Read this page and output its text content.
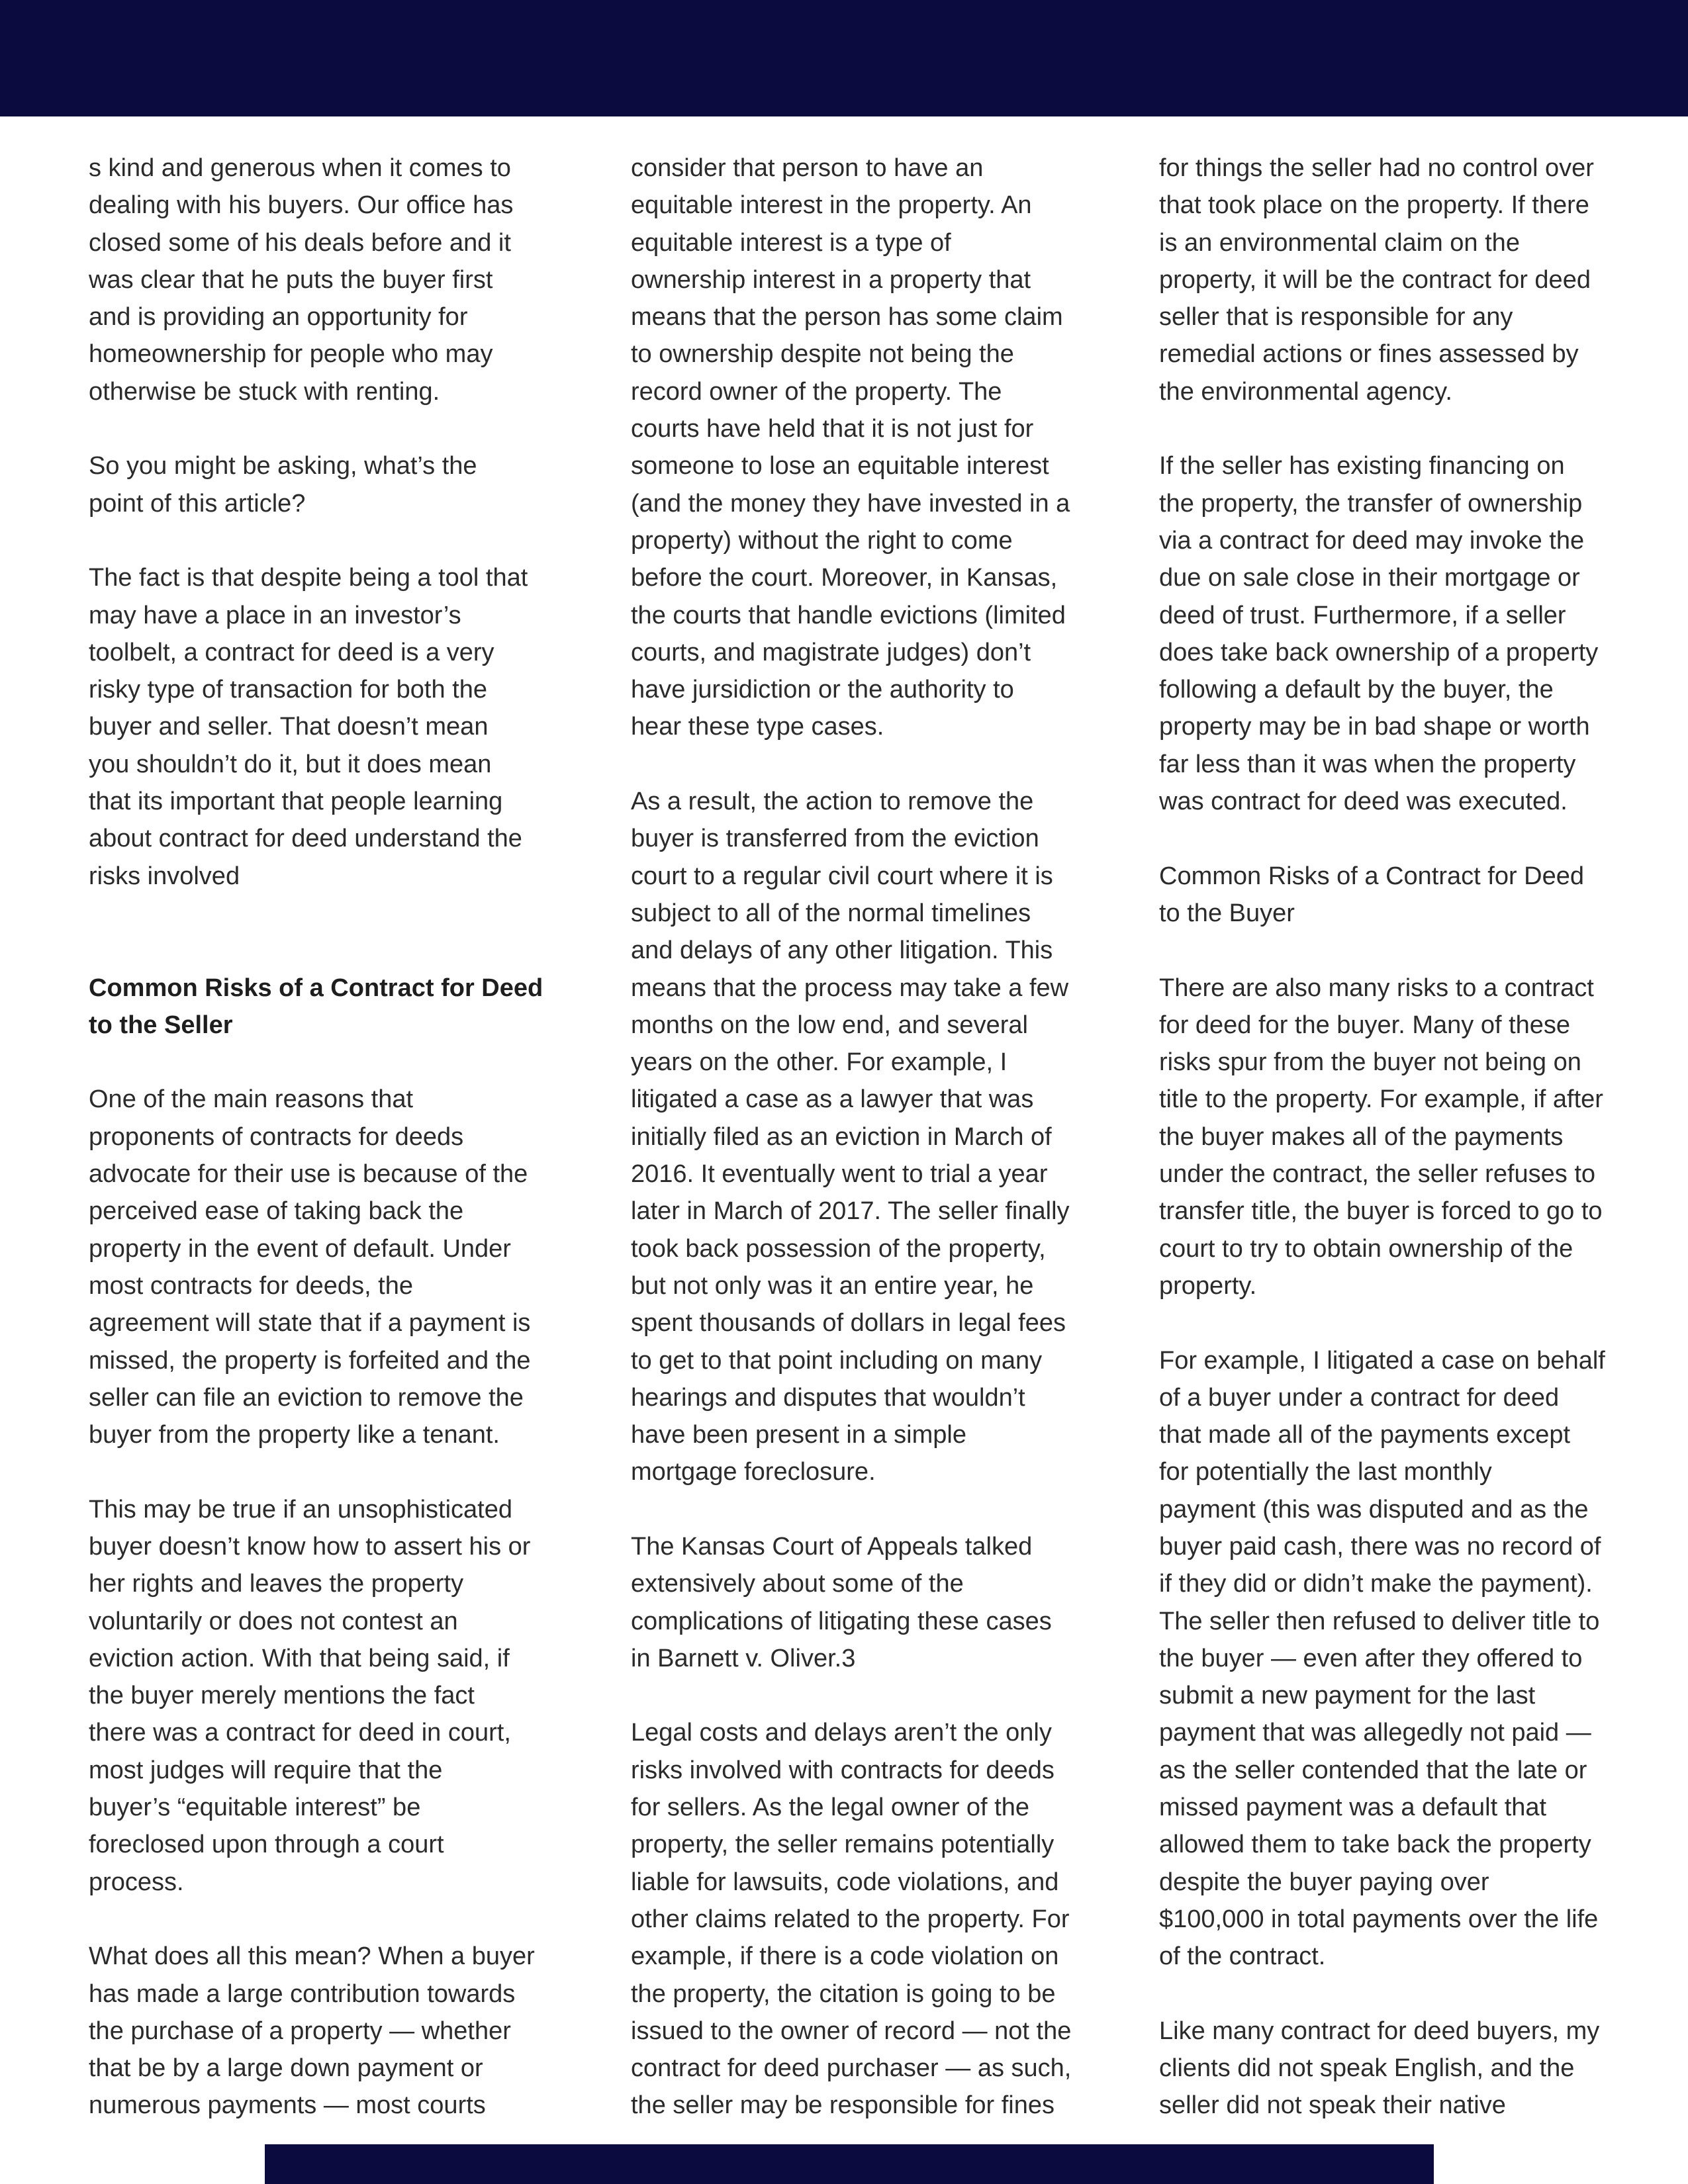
s kind and generous when it comes to
dealing with his buyers. Our office has
closed some of his deals before and it
was clear that he puts the buyer first
and is providing an opportunity for
homeownership for people who may
otherwise be stuck with renting.

So you might be asking, what’s the
point of this article?

The fact is that despite being a tool that
may have a place in an investor’s
toolbelt, a contract for deed is a very
risky type of transaction for both the
buyer and seller. That doesn’t mean
you shouldn’t do it, but it does mean
that its important that people learning
about contract for deed understand the
risks involved

Common Risks of a Contract for Deed
to the Seller

One of the main reasons that
proponents of contracts for deeds
advocate for their use is because of the
perceived ease of taking back the
property in the event of default. Under
most contracts for deeds, the
agreement will state that if a payment is
missed, the property is forfeited and the
seller can file an eviction to remove the
buyer from the property like a tenant.

This may be true if an unsophisticated
buyer doesn’t know how to assert his or
her rights and leaves the property
voluntarily or does not contest an
eviction action. With that being said, if
the buyer merely mentions the fact
there was a contract for deed in court,
most judges will require that the
buyer’s “equitable interest” be
foreclosed upon through a court
process.

What does all this mean? When a buyer
has made a large contribution towards
the purchase of a property — whether
that be by a large down payment or
numerous payments — most courts

consider that person to have an
equitable interest in the property. An
equitable interest is a type of
ownership interest in a property that
means that the person has some claim
to ownership despite not being the
record owner of the property. The
courts have held that it is not just for
someone to lose an equitable interest
(and the money they have invested in a
property) without the right to come
before the court. Moreover, in Kansas,
the courts that handle evictions (limited
courts, and magistrate judges) don’t
have jursidiction or the authority to
hear these type cases.

As a result, the action to remove the
buyer is transferred from the eviction
court to a regular civil court where it is
subject to all of the normal timelines
and delays of any other litigation. This
means that the process may take a few
months on the low end, and several
years on the other. For example, I
litigated a case as a lawyer that was
initially filed as an eviction in March of
2016. It eventually went to trial a year
later in March of 2017. The seller finally
took back possession of the property,
but not only was it an entire year, he
spent thousands of dollars in legal fees
to get to that point including on many
hearings and disputes that wouldn’t
have been present in a simple
mortgage foreclosure.

The Kansas Court of Appeals talked
extensively about some of the
complications of litigating these cases
in Barnett v. Oliver.3

Legal costs and delays aren’t the only
risks involved with contracts for deeds
for sellers. As the legal owner of the
property, the seller remains potentially
liable for lawsuits, code violations, and
other claims related to the property. For
example, if there is a code violation on
the property, the citation is going to be
issued to the owner of record — not the
contract for deed purchaser — as such,
the seller may be responsible for fines

for things the seller had no control over
that took place on the property. If there
is an environmental claim on the
property, it will be the contract for deed
seller that is responsible for any
remedial actions or fines assessed by
the environmental agency.

If the seller has existing financing on
the property, the transfer of ownership
via a contract for deed may invoke the
due on sale close in their mortgage or
deed of trust. Furthermore, if a seller
does take back ownership of a property
following a default by the buyer, the
property may be in bad shape or worth
far less than it was when the property
was contract for deed was executed.

Common Risks of a Contract for Deed
to the Buyer

There are also many risks to a contract
for deed for the buyer. Many of these
risks spur from the buyer not being on
title to the property. For example, if after
the buyer makes all of the payments
under the contract, the seller refuses to
transfer title, the buyer is forced to go to
court to try to obtain ownership of the
property.

For example, I litigated a case on behalf
of a buyer under a contract for deed
that made all of the payments except
for potentially the last monthly
payment (this was disputed and as the
buyer paid cash, there was no record of
if they did or didn’t make the payment).
The seller then refused to deliver title to
the buyer — even after they offered to
submit a new payment for the last
payment that was allegedly not paid —
as the seller contended that the late or
missed payment was a default that
allowed them to take back the property
despite the buyer paying over
$100,000 in total payments over the life
of the contract.

Like many contract for deed buyers, my
clients did not speak English, and the
seller did not speak their native
